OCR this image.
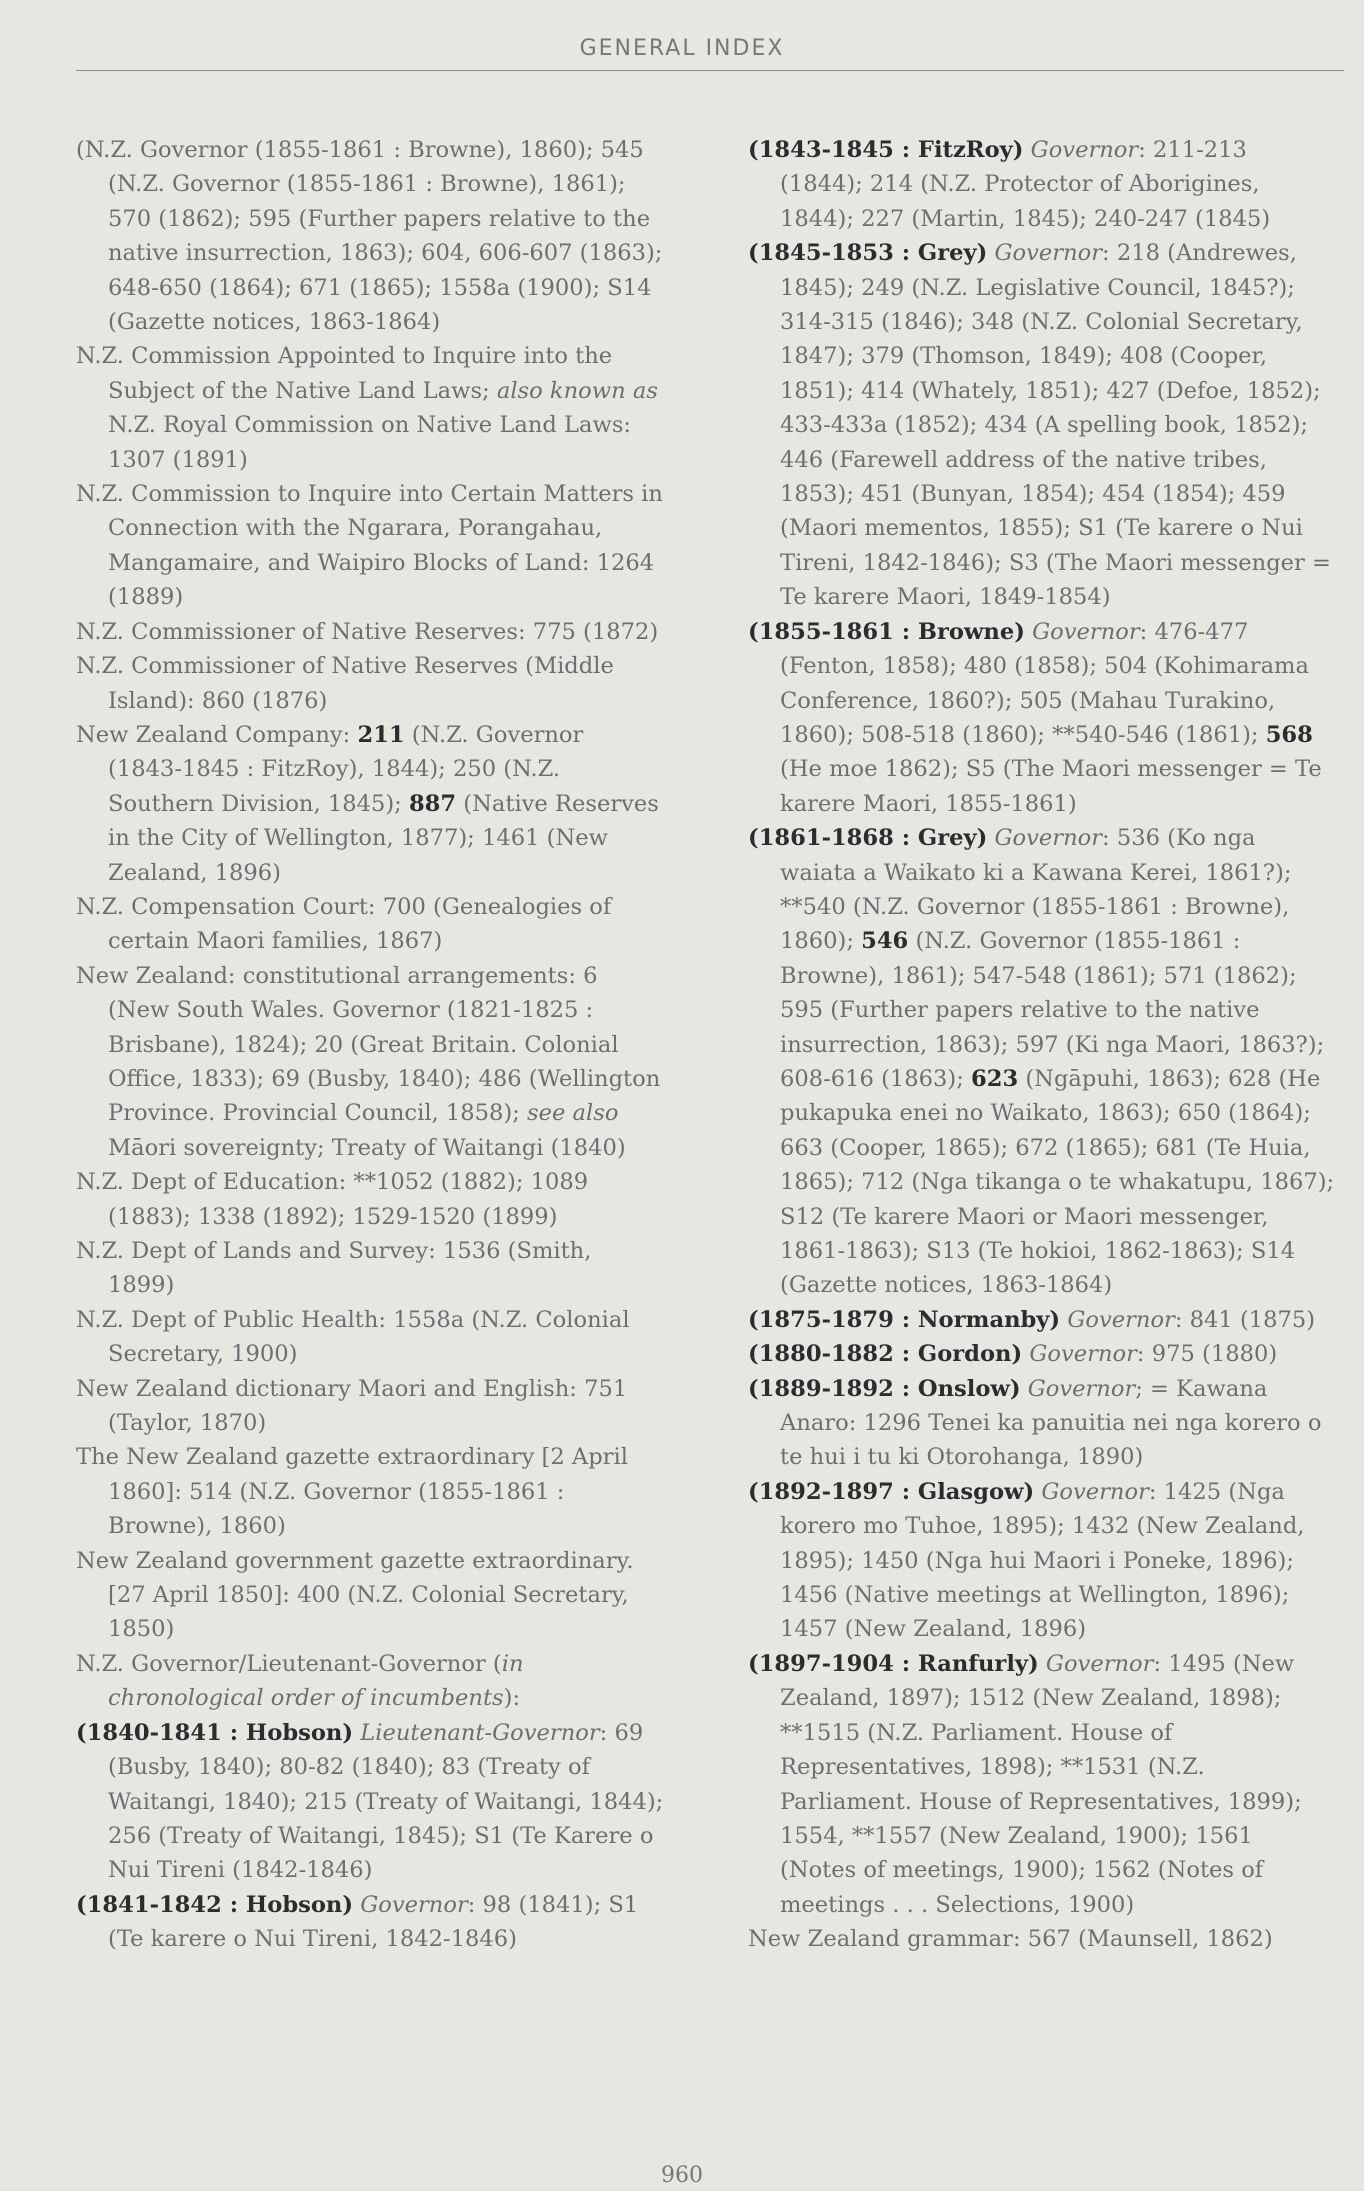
GENERAL INDEX
(N.Z. Governor (1855-1861 : Browne), 1860); 545 (N.Z. Governor (1855-1861 : Browne), 1861); 570 (1862); 595 (Further papers relative to the native insurrection, 1863); 604, 606-607 (1863); 648-650 (1864); 671 (1865); 1558a (1900); S14 (Gazette notices, 1863-1864)
N.Z. Commission Appointed to Inquire into the Subject of the Native Land Laws; also known as N.Z. Royal Commission on Native Land Laws: 1307 (1891)
N.Z. Commission to Inquire into Certain Matters in Connection with the Ngarara, Porangahau, Mangamaire, and Waipiro Blocks of Land: 1264 (1889)
N.Z. Commissioner of Native Reserves: 775 (1872)
N.Z. Commissioner of Native Reserves (Middle Island): 860 (1876)
New Zealand Company: 211 (N.Z. Governor (1843-1845 : FitzRoy), 1844); 250 (N.Z. Southern Division, 1845); 887 (Native Reserves in the City of Wellington, 1877); 1461 (New Zealand, 1896)
N.Z. Compensation Court: 700 (Genealogies of certain Maori families, 1867)
New Zealand: constitutional arrangements: 6 (New South Wales. Governor (1821-1825 : Brisbane), 1824); 20 (Great Britain. Colonial Office, 1833); 69 (Busby, 1840); 486 (Wellington Province. Provincial Council, 1858); see also Māori sovereignty; Treaty of Waitangi (1840)
N.Z. Dept of Education: **1052 (1882); 1089 (1883); 1338 (1892); 1529-1520 (1899)
N.Z. Dept of Lands and Survey: 1536 (Smith, 1899)
N.Z. Dept of Public Health: 1558a (N.Z. Colonial Secretary, 1900)
New Zealand dictionary Maori and English: 751 (Taylor, 1870)
The New Zealand gazette extraordinary [2 April 1860]: 514 (N.Z. Governor (1855-1861 : Browne), 1860)
New Zealand government gazette extraordinary. [27 April 1850]: 400 (N.Z. Colonial Secretary, 1850)
N.Z. Governor/Lieutenant-Governor (in chronological order of incumbents):
(1840-1841 : Hobson) Lieutenant-Governor: 69 (Busby, 1840); 80-82 (1840); 83 (Treaty of Waitangi, 1840); 215 (Treaty of Waitangi, 1844); 256 (Treaty of Waitangi, 1845); S1 (Te Karere o Nui Tireni (1842-1846)
(1841-1842 : Hobson) Governor: 98 (1841); S1 (Te karere o Nui Tireni, 1842-1846)
(1843-1845 : FitzRoy) Governor: 211-213 (1844); 214 (N.Z. Protector of Aborigines, 1844); 227 (Martin, 1845); 240-247 (1845)
(1845-1853 : Grey) Governor: 218 (Andrewes, 1845); 249 (N.Z. Legislative Council, 1845?); 314-315 (1846); 348 (N.Z. Colonial Secretary, 1847); 379 (Thomson, 1849); 408 (Cooper, 1851); 414 (Whately, 1851); 427 (Defoe, 1852); 433-433a (1852); 434 (A spelling book, 1852); 446 (Farewell address of the native tribes, 1853); 451 (Bunyan, 1854); 454 (1854); 459 (Maori mementos, 1855); S1 (Te karere o Nui Tireni, 1842-1846); S3 (The Maori messenger = Te karere Maori, 1849-1854)
(1855-1861 : Browne) Governor: 476-477 (Fenton, 1858); 480 (1858); 504 (Kohimarama Conference, 1860?); 505 (Mahau Turakino, 1860); 508-518 (1860); **540-546 (1861); 568 (He moe 1862); S5 (The Maori messenger = Te karere Maori, 1855-1861)
(1861-1868 : Grey) Governor: 536 (Ko nga waiata a Waikato ki a Kawana Kerei, 1861?); **540 (N.Z. Governor (1855-1861 : Browne), 1860); 546 (N.Z. Governor (1855-1861 : Browne), 1861); 547-548 (1861); 571 (1862); 595 (Further papers relative to the native insurrection, 1863); 597 (Ki nga Maori, 1863?); 608-616 (1863); 623 (Ngāpuhi, 1863); 628 (He pukapuka enei no Waikato, 1863); 650 (1864); 663 (Cooper, 1865); 672 (1865); 681 (Te Huia, 1865); 712 (Nga tikanga o te whakatupu, 1867); S12 (Te karere Maori or Maori messenger, 1861-1863); S13 (Te hokioi, 1862-1863); S14 (Gazette notices, 1863-1864)
(1875-1879 : Normanby) Governor: 841 (1875)
(1880-1882 : Gordon) Governor: 975 (1880)
(1889-1892 : Onslow) Governor; = Kawana Anaro: 1296 Tenei ka panuitia nei nga korero o te hui i tu ki Otorohanga, 1890)
(1892-1897 : Glasgow) Governor: 1425 (Nga korero mo Tuhoe, 1895); 1432 (New Zealand, 1895); 1450 (Nga hui Maori i Poneke, 1896); 1456 (Native meetings at Wellington, 1896); 1457 (New Zealand, 1896)
(1897-1904 : Ranfurly) Governor: 1495 (New Zealand, 1897); 1512 (New Zealand, 1898); **1515 (N.Z. Parliament. House of Representatives, 1898); **1531 (N.Z. Parliament. House of Representatives, 1899); 1554, **1557 (New Zealand, 1900); 1561 (Notes of meetings, 1900); 1562 (Notes of meetings . . . Selections, 1900)
New Zealand grammar: 567 (Maunsell, 1862)
960
